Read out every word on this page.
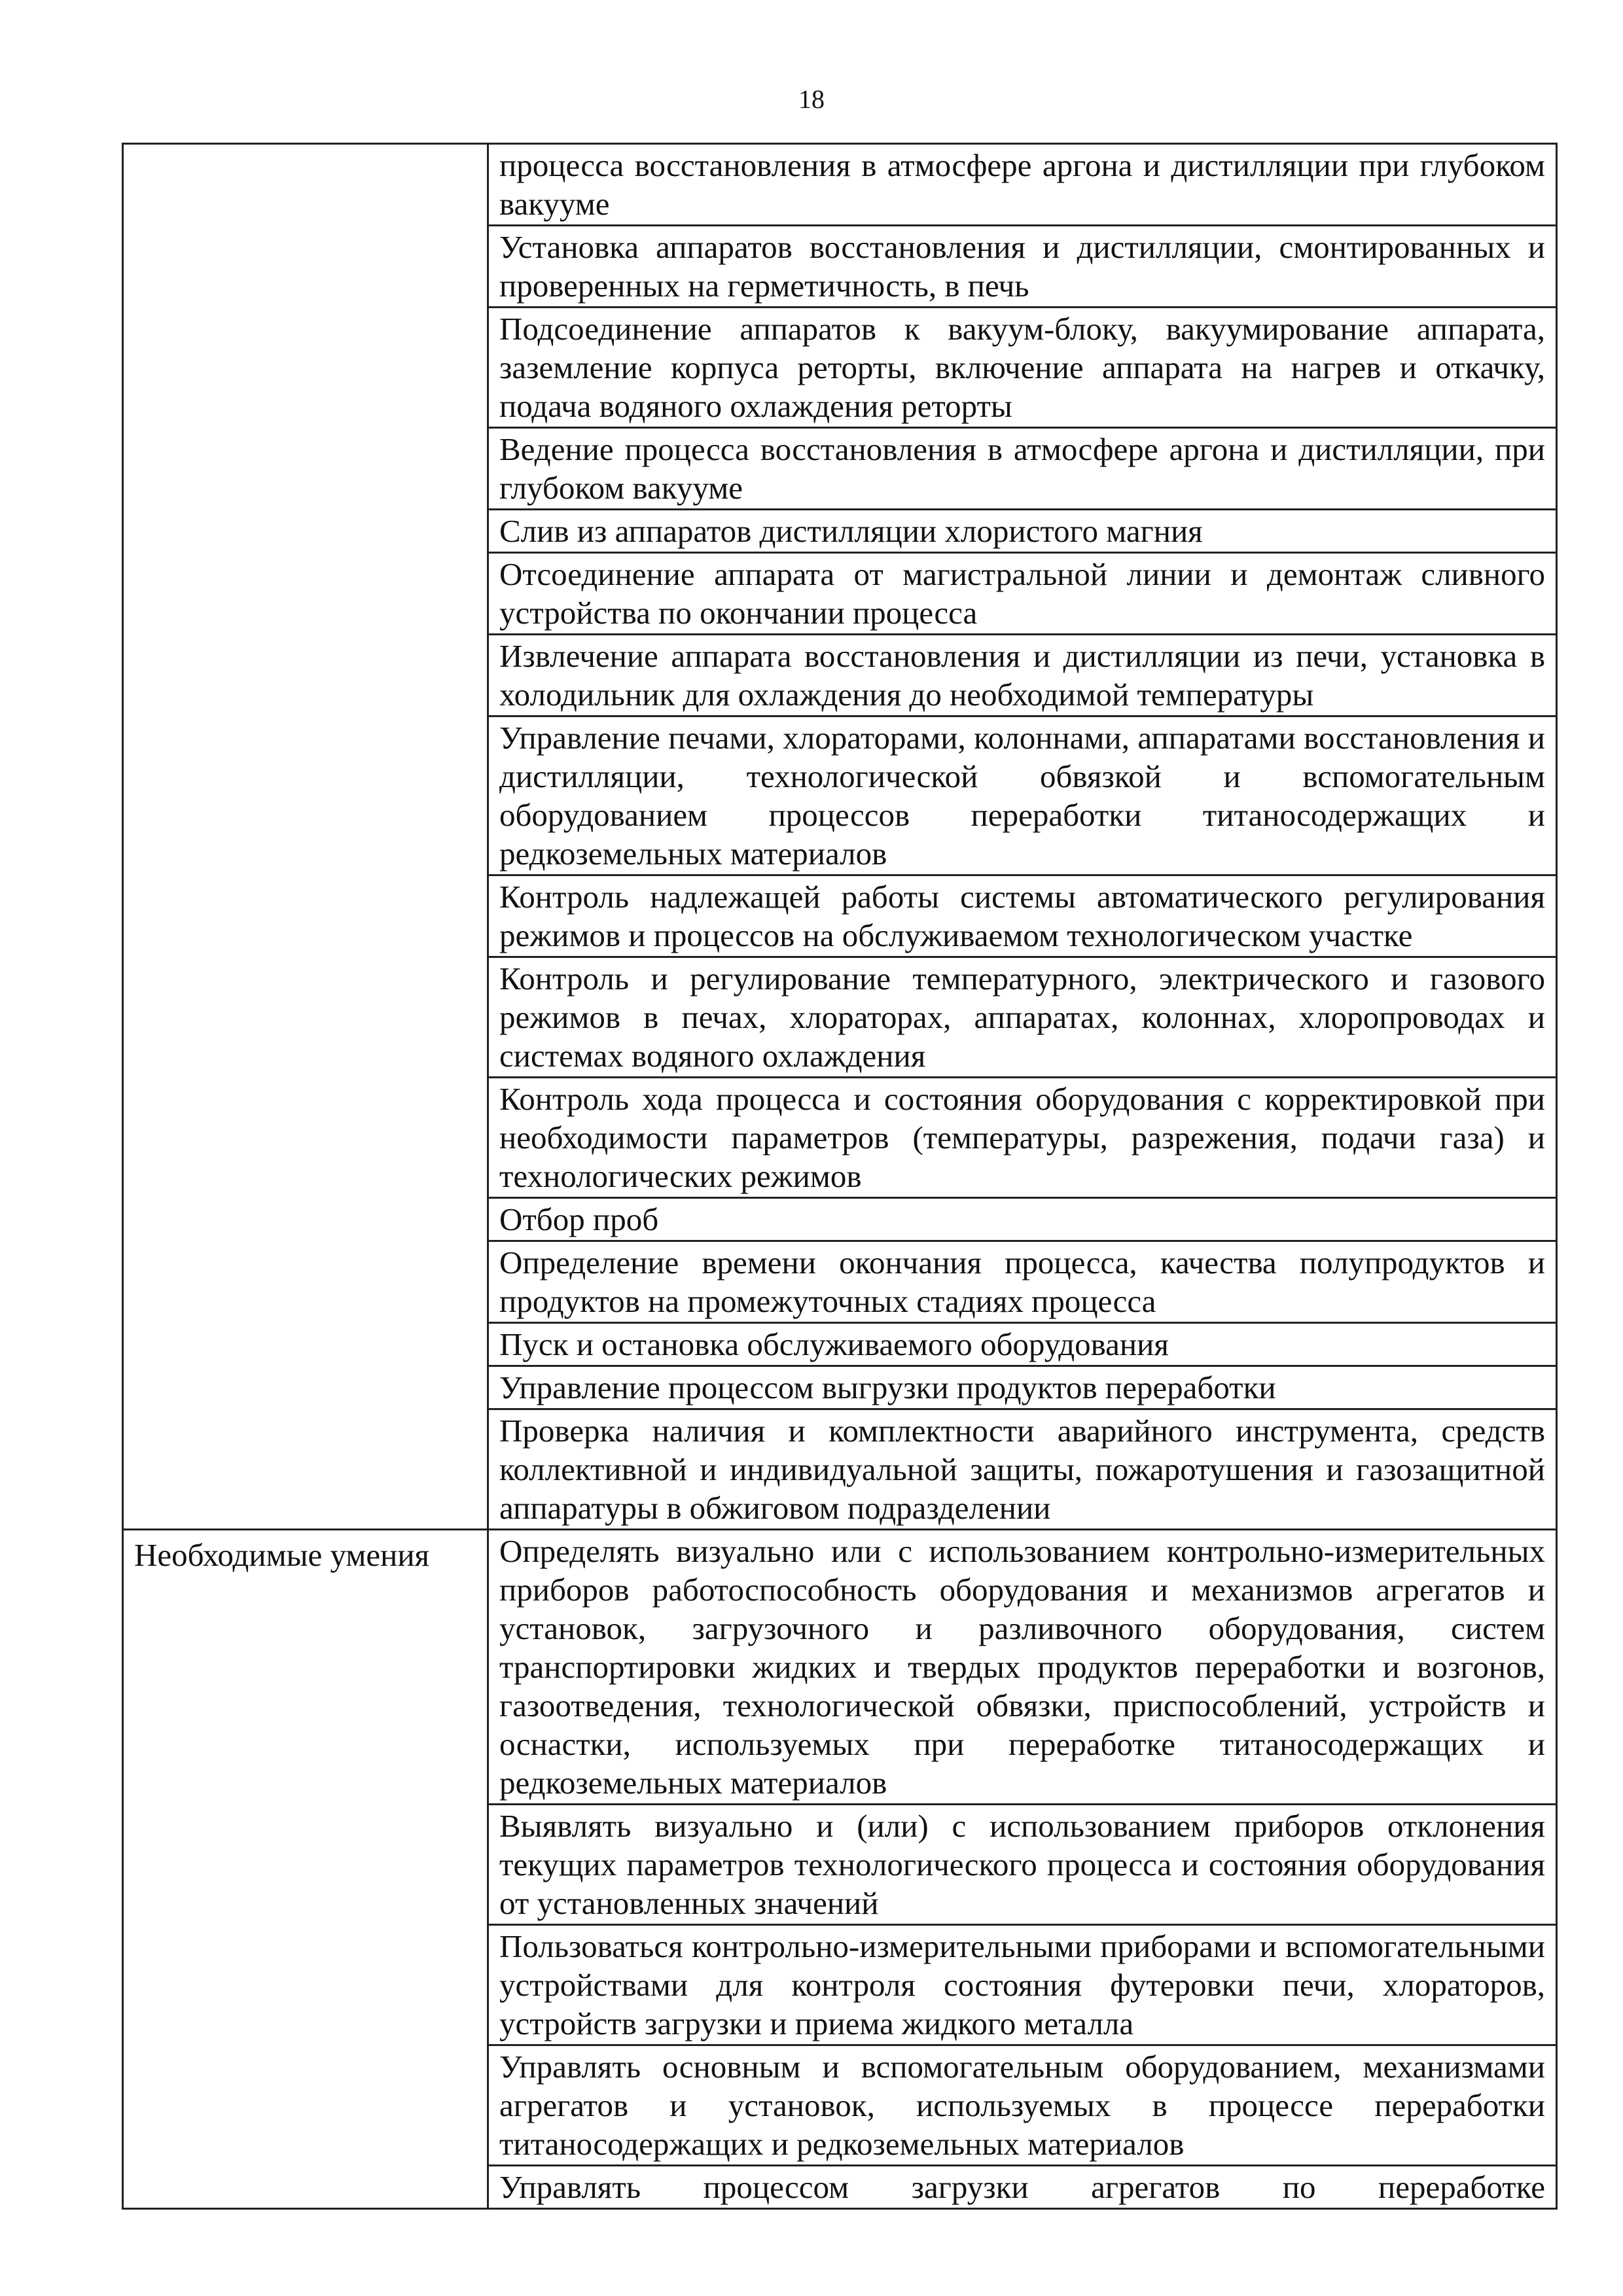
18
	процесса восстановления в атмосфере аргона и дистилляции при глубоком вакууме
	Установка аппаратов восстановления и дистилляции, смонтированных и проверенных на герметичность, в печь
	Подсоединение аппаратов к вакуум-блоку, вакуумирование аппарата, заземление корпуса реторты, включение аппарата на нагрев и откачку, подача водяного охлаждения реторты
	Ведение процесса восстановления в атмосфере аргона и дистилляции, при глубоком вакууме
	Слив из аппаратов дистилляции хлористого магния
	Отсоединение аппарата от магистральной линии и демонтаж сливного устройства по окончании процесса
	Извлечение аппарата восстановления и дистилляции из печи, установка в холодильник для охлаждения до необходимой температуры
	Управление печами, хлораторами, колоннами, аппаратами восстановления и дистилляции, технологической обвязкой и вспомогательным оборудованием процессов переработки титаносодержащих и редкоземельных материалов
	Контроль надлежащей работы системы автоматического регулирования режимов и процессов на обслуживаемом технологическом участке
	Контроль и регулирование температурного, электрического и газового режимов в печах, хлораторах, аппаратах, колоннах, хлоропроводах и системах водяного охлаждения
	Контроль хода процесса и состояния оборудования с корректировкой при необходимости параметров (температуры, разрежения, подачи газа) и технологических режимов
	Отбор проб
	Определение времени окончания процесса, качества полупродуктов и продуктов на промежуточных стадиях процесса
	Пуск и остановка обслуживаемого оборудования
	Управление процессом выгрузки продуктов переработки
	Проверка наличия и комплектности аварийного инструмента, средств коллективной и индивидуальной защиты, пожаротушения и газозащитной аппаратуры в обжиговом подразделении
Необходимые умения	Определять визуально или с использованием контрольно-измерительных приборов работоспособность оборудования и механизмов агрегатов и установок, загрузочного и разливочного оборудования, систем транспортировки жидких и твердых продуктов переработки и возгонов, газоотведения, технологической обвязки, приспособлений, устройств и оснастки, используемых при переработке титаносодержащих и редкоземельных материалов
	Выявлять визуально и (или) с использованием приборов отклонения текущих параметров технологического процесса и состояния оборудования от установленных значений
	Пользоваться контрольно-измерительными приборами и вспомогательными устройствами для контроля состояния футеровки печи, хлораторов, устройств загрузки и приема жидкого металла
	Управлять основным и вспомогательным оборудованием, механизмами агрегатов и установок, используемых в процессе переработки титаносодержащих и редкоземельных материалов
	Управлять процессом загрузки агрегатов по переработке
